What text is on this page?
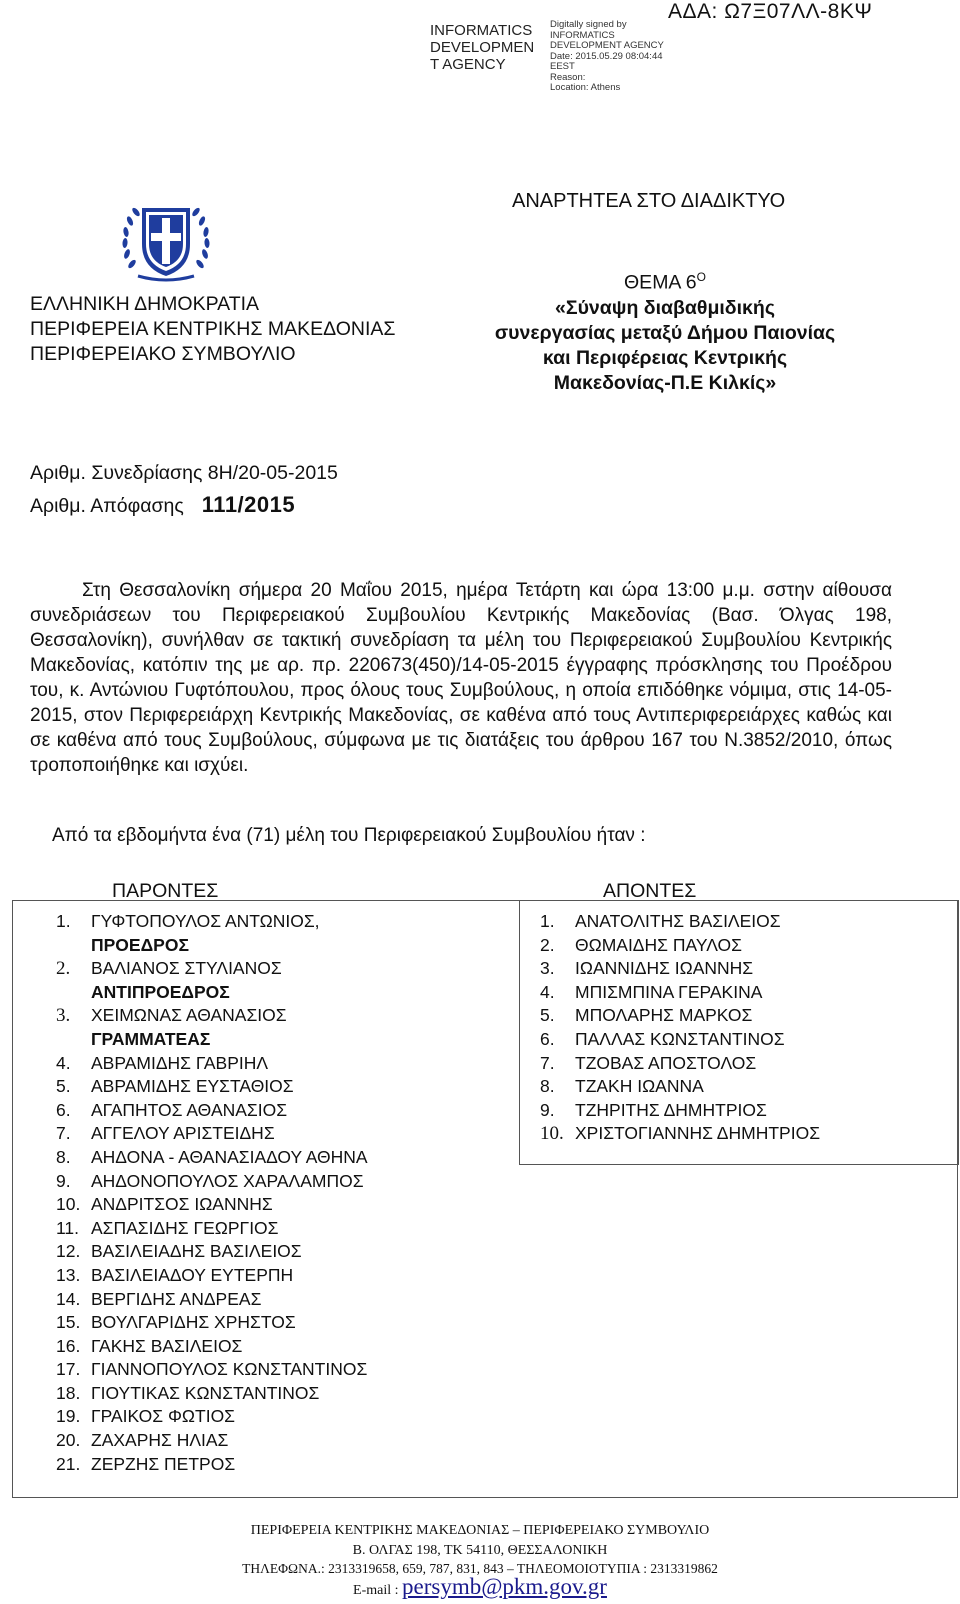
INFORMATICS
DEVELOPMEN
T AGENCY
Digitally signed by
INFORMATICS
DEVELOPMENT AGENCY
Date: 2015.05.29 08:04:44
EEST
Reason:
Location: Athens
ΑΔΑ: Ω7Ξ07ΛΛ-8ΚΨ
ΑΝΑΡΤΗΤΕΑ ΣΤΟ ΔΙΑΔΙΚΤΥΟ
ΕΛΛΗΝΙΚΗ ΔΗΜΟΚΡΑΤΙΑ
ΠΕΡΙΦΕΡΕΙΑ ΚΕΝΤΡΙΚΗΣ ΜΑΚΕΔΟΝΙΑΣ
ΠΕΡΙΦΕΡΕΙΑΚΟ ΣΥΜΒΟΥΛΙΟ
ΘΕΜΑ $6^O$
«Σύναψη διαβαθμιδικής
συνεργασίας μεταξύ Δήμου Παιονίας
και Περιφέρειας Κεντρικής
Μακεδονίας-Π.Ε Κιλκίς»
Αριθμ. Συνεδρίασης 8Η/20-05-2015
Αριθμ. Απόφασης 111/2015

Στη Θεσσαλονίκη σήμερα 20 Μαΐου 2015, ημέρα Τετάρτη και ώρα 13:00 μ.μ. σστην αίθουσα συνεδριάσεων του Περιφερειακού Συμβουλίου Κεντρικής Μακεδονίας (Βασ. Όλγας 198, Θεσσαλονίκη), συνήλθαν σε τακτική συνεδρίαση τα μέλη του Περιφερειακού Συμβουλίου Κεντρικής Μακεδονίας, κατόπιν της με αρ. πρ. 220673(450)/14-05-2015 έγγραφης πρόσκλησης του Προέδρου του, κ. Αντώνιου Γυφτόπουλου, προς όλους τους Συμβούλους, η οποία επιδόθηκε νόμιμα, στις 14-05-2015, στον Περιφερειάρχη Κεντρικής Μακεδονίας, σε καθένα από τους Αντιπεριφερειάρχες καθώς και σε καθένα από τους Συμβούλους, σύμφωνα με τις διατάξεις του άρθρου 167 του Ν.3852/2010, όπως τροποποιήθηκε και ισχύει.

Από τα εβδομήντα ένα (71) μέλη του Περιφερειακού Συμβουλίου ήταν :
ΠΑΡΟΝΤΕΣ	ΑΠΟΝΤΕΣ
1.	ΓΥΦΤΟΠΟΥΛΟΣ ΑΝΤΩΝΙΟΣ,
ΠΡΟΕΔΡΟΣ
2.	ΒΑΛΙΑΝΟΣ ΣΤΥΛΙΑΝΟΣ
ΑΝΤΙΠΡΟΕΔΡΟΣ
3.	ΧΕΙΜΩΝΑΣ ΑΘΑΝΑΣΙΟΣ
ΓΡΑΜΜΑΤΕΑΣ
4.	ΑΒΡΑΜΙΔΗΣ ΓΑΒΡΙΗΛ
5.	ΑΒΡΑΜΙΔΗΣ ΕΥΣΤΑΘΙΟΣ
6.	ΑΓΑΠΗΤΟΣ ΑΘΑΝΑΣΙΟΣ
7.	ΑΓΓΕΛΟΥ ΑΡΙΣΤΕΙΔΗΣ
8.	ΑΗΔΟΝΑ - ΑΘΑΝΑΣΙΑΔΟΥ ΑΘΗΝΑ
9.	ΑΗΔΟΝΟΠΟΥΛΟΣ ΧΑΡΑΛΑΜΠΟΣ
10. ΑΝΔΡΙΤΣΟΣ ΙΩΑΝΝΗΣ
11. ΑΣΠΑΣΙΔΗΣ ΓΕΩΡΓΙΟΣ
12. ΒΑΣΙΛΕΙΑΔΗΣ ΒΑΣΙΛΕΙΟΣ
13. ΒΑΣΙΛΕΙΑΔΟΥ ΕΥΤΕΡΠΗ
14. ΒΕΡΓΙΔΗΣ ΑΝΔΡΕΑΣ
15. ΒΟΥΛΓΑΡΙΔΗΣ ΧΡΗΣΤΟΣ
16. ΓΑΚΗΣ ΒΑΣΙΛΕΙΟΣ
17. ΓΙΑΝΝΟΠΟΥΛΟΣ ΚΩΝΣΤΑΝΤΙΝΟΣ
18. ΓΙΟΥΤΙΚΑΣ ΚΩΝΣΤΑΝΤΙΝΟΣ
19. ΓΡΑΙΚΟΣ ΦΩΤΙΟΣ
20. ΖΑΧΑΡΗΣ ΗΛΙΑΣ
21. ΖΕΡΖΗΣ ΠΕΤΡΟΣ
1.	ΑΝΑΤΟΛΙΤΗΣ ΒΑΣΙΛΕΙΟΣ
2.	ΘΩΜΑΙΔΗΣ ΠΑΥΛΟΣ
3.	ΙΩΑΝΝΙΔΗΣ ΙΩΑΝΝΗΣ
4.	ΜΠΙΣΜΠΙΝΑ ΓΕΡΑΚΙΝΑ
5.	ΜΠΟΛΑΡΗΣ ΜΑΡΚΟΣ
6.	ΠΑΛΛΑΣ ΚΩΝΣΤΑΝΤΙΝΟΣ
7.	ΤΖΟΒΑΣ ΑΠΟΣΤΟΛΟΣ
8.	ΤΖΑΚΗ ΙΩΑΝΝΑ
9.	ΤΖΗΡΙΤΗΣ ΔΗΜΗΤΡΙΟΣ
10. ΧΡΙΣΤΟΓΙΑΝΝΗΣ ΔΗΜΗΤΡΙΟΣ
ΠΕΡΙΦΕΡΕΙΑ ΚΕΝΤΡΙΚΗΣ ΜΑΚΕΔΟΝΙΑΣ – ΠΕΡΙΦΕΡΕΙΑΚΟ ΣΥΜΒΟΥΛΙΟ
Β. ΟΛΓΑΣ 198, ΤΚ 54110, ΘΕΣΣΑΛΟΝΙΚΗ
ΤΗΛΕΦΩΝΑ.: 2313319658, 659, 787, 831, 843 – ΤΗΛΕΟΜΟΙΟΤΥΠΙΑ : 2313319862
E-mail : persymb@pkm.gov.gr
